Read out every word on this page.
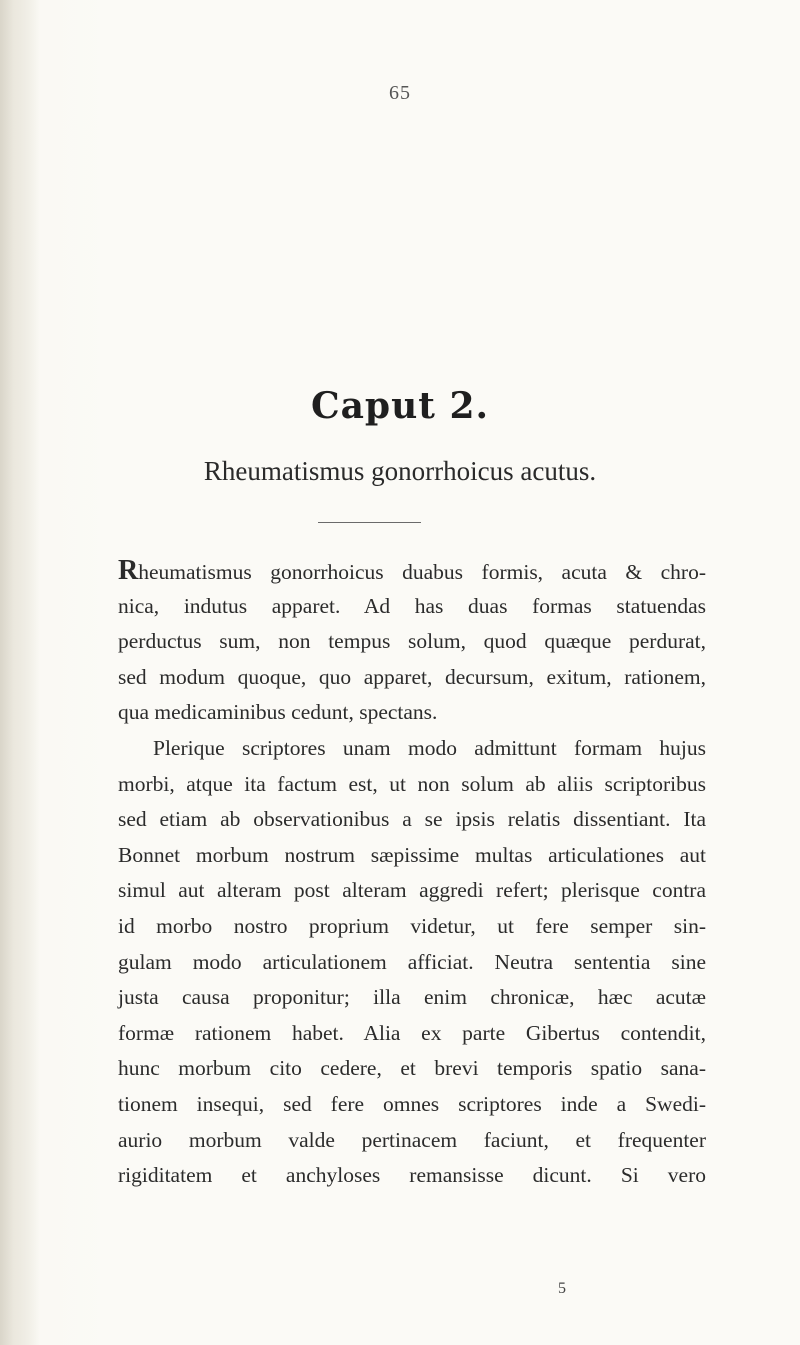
65
Caput 2.
Rheumatismus gonorrhoicus acutus.
Rheumatismus gonorrhoicus duabus formis, acuta & chro-
nica, indutus apparet. Ad has duas formas statuendas
perductus sum, non tempus solum, quod quæque perdurat,
sed modum quoque, quo apparet, decursum, exitum, rationem,
qua medicaminibus cedunt, spectans.
Plerique scriptores unam modo admittunt formam hujus
morbi, atque ita factum est, ut non solum ab aliis scriptoribus
sed etiam ab observationibus a se ipsis relatis dissentiant. Ita
Bonnet morbum nostrum sæpissime multas articulationes aut
simul aut alteram post alteram aggredi refert; plerisque contra
id morbo nostro proprium videtur, ut fere semper sin-
gulam modo articulationem afficiat. Neutra sententia sine
justa causa proponitur; illa enim chronicæ, hæc acutæ
formæ rationem habet. Alia ex parte Gibertus contendit,
hunc morbum cito cedere, et brevi temporis spatio sana-
tionem insequi, sed fere omnes scriptores inde a Swedi-
aurio morbum valde pertinacem faciunt, et frequenter
rigiditatem et anchyloses remansisse dicunt. Si vero
5
